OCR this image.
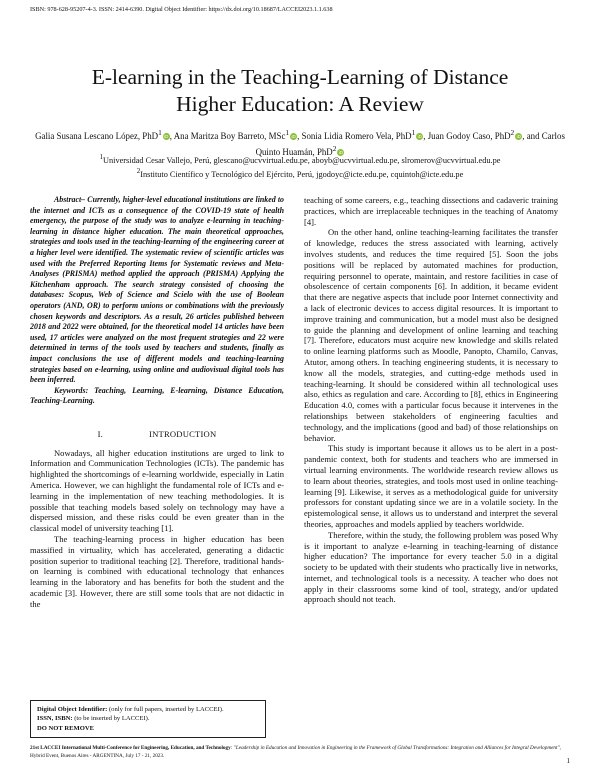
ISBN: 978-628-95207-4-3. ISSN: 2414-6390. Digital Object Identifier: https://dx.doi.org/10.18687/LACCEI2023.1.1.638
E-learning in the Teaching-Learning of Distance
Higher Education: A Review
Galia Susana Lescano López, PhD$^1$ iD, Ana Maritza Boy Barreto, MSc$^1$ iD, Sonia Lidia Romero Vela, PhD$^1$ iD, Juan Godoy Caso, PhD$^2$ iD, and Carlos Quinto Huamán, PhD$^2$ iD
$^1$Universidad Cesar Vallejo, Perú, glescano@ucvvirtual.edu.pe, aboyb@ucvvirtual.edu.pe, slromerov@ucvvirtual.edu.pe
$^2$Instituto Científico y Tecnológico del Ejército, Perú, jgodoyc@icte.edu.pe, cquintoh@icte.edu.pe

Abstract– Currently, higher-level educational institutions are linked to the internet and ICTs as a consequence of the COVID-19 state of health emergency, the purpose of the study was to analyze e-learning in teaching-learning in distance higher education. The main theoretical approaches, strategies and tools used in the teaching-learning of the engineering career at a higher level were identified. The systematic review of scientific articles was used with the Preferred Reporting Items for Systematic reviews and Meta-Analyses (PRISMA) method applied the approach (PRISMA) Applying the Kitchenham approach. The search strategy consisted of choosing the databases: Scopus, Web of Science and Scielo with the use of Boolean operators (AND, OR) to perform unions or combinations with the previously chosen keywords and descriptors. As a result, 26 articles published between 2018 and 2022 were obtained, for the theoretical model 14 articles have been used, 17 articles were analyzed on the most frequent strategies and 22 were determined in terms of the tools used by teachers and students, finally as impact conclusions the use of different models and teaching-learning strategies based on e-learning, using online and audiovisual digital tools has been inferred.

Keywords: Teaching, Learning, E-learning, Distance Education, Teaching-Learning.

I.	INTRODUCTION

Nowadays, all higher education institutions are urged to link to Information and Communication Technologies (ICTs). The pandemic has highlighted the shortcomings of e-learning worldwide, especially in Latin America. However, we can highlight the fundamental role of ICTs and e-learning in the implementation of new teaching methodologies. It is possible that teaching models based solely on technology may have a dispersed mission, and these risks could be even greater than in the classical model of university teaching [1].

The teaching-learning process in higher education has been massified in virtuality, which has accelerated, generating a didactic position superior to traditional teaching [2]. Therefore, traditional hands-on learning is combined with educational technology that enhances learning in the laboratory and has benefits for both the student and the academic [3]. However, there are still some tools that are not didactic in the

teaching of some careers, e.g., teaching dissections and cadaveric training practices, which are irreplaceable techniques in the teaching of Anatomy [4].

On the other hand, online teaching-learning facilitates the transfer of knowledge, reduces the stress associated with learning, actively involves students, and reduces the time required [5]. Soon the jobs positions will be replaced by automated machines for production, requiring personnel to operate, maintain, and restore facilities in case of obsolescence of certain components [6]. In addition, it became evident that there are negative aspects that include poor Internet connectivity and a lack of electronic devices to access digital resources. It is important to improve training and communication, but a model must also be designed to guide the planning and development of online learning and teaching [7]. Therefore, educators must acquire new knowledge and skills related to online learning platforms such as Moodle, Panopto, Chamilo, Canvas, Atutor, among others. In teaching engineering students, it is necessary to know all the models, strategies, and cutting-edge methods used in teaching-learning. It should be considered within all technological uses also, ethics as regulation and care. According to [8], ethics in Engineering Education 4.0, comes with a particular focus because it intervenes in the relationships between stakeholders of engineering faculties and technology, and the implications (good and bad) of those relationships on behavior.

This study is important because it allows us to be alert in a post-pandemic context, both for students and teachers who are immersed in virtual learning environments. The worldwide research review allows us to learn about theories, strategies, and tools most used in online teaching-learning [9]. Likewise, it serves as a methodological guide for university professors for constant updating since we are in a volatile society. In the epistemological sense, it allows us to understand and interpret the several theories, approaches and models applied by teachers worldwide.

Therefore, within the study, the following problem was posed Why is it important to analyze e-learning in teaching-learning of distance higher education? The importance for every teacher 5.0 in a digital society to be updated with their students who practically live in networks, internet, and technological tools is a necessity. A teacher who does not apply in their classrooms some kind of tool, strategy, and/or updated approach should not teach.

Digital Object Identifier: (only for full papers, inserted by LACCEI).
ISSN, ISBN: (to be inserted by LACCEI).
DO NOT REMOVE
21st LACCEI International Multi-Conference for Engineering, Education, and Technology: "Leadership in Education and Innovation in Engineering in the Framework of Global Transformations: Integration and Alliances for Integral Development", Hybrid Event, Buenos Aires - ARGENTINA, July 17 - 21, 2023.
1
